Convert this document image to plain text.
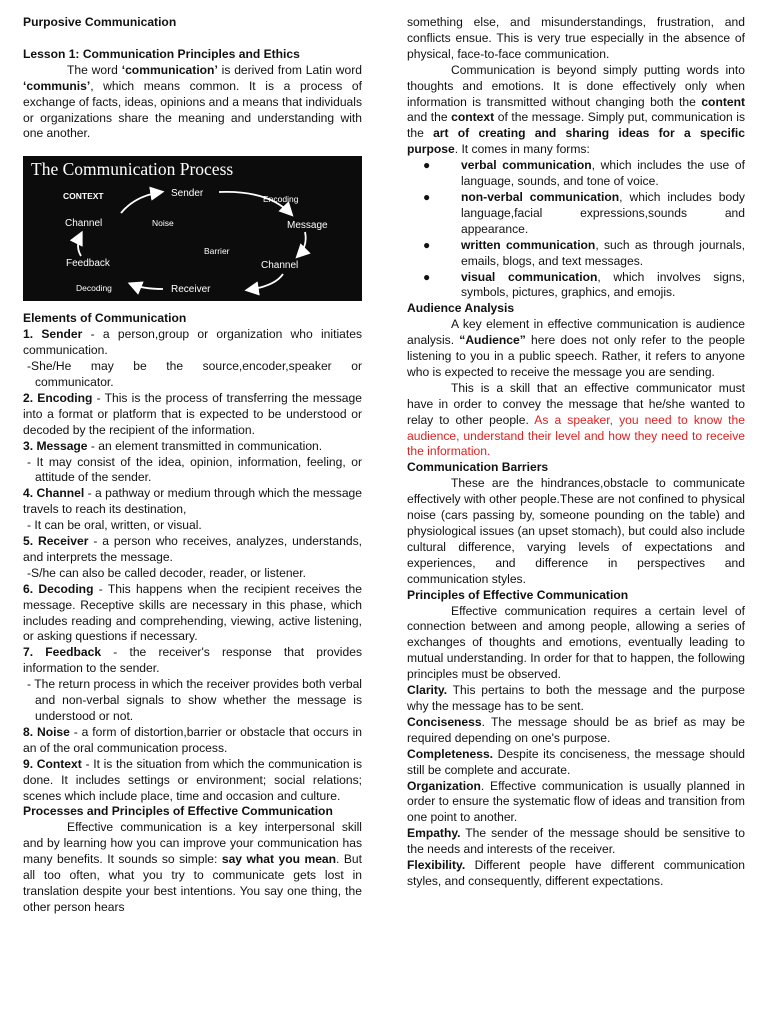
Purposive Communication

Lesson 1: Communication Principles and Ethics

The word ‘communication’ is derived from Latin word ‘communis’, which means common. It is a process of exchange of facts, ideas, opinions and a means that individuals or organizations share the meaning and understanding with one another.

The Communication Process
CONTEXT	Sender	Encoding
Channel	Noise	Message
Barrier
Feedback	Channel
Decoding	Receiver

Elements of Communication

1. Sender - a person,group or organization who initiates communication.

-She/He may be the source,encoder,speaker or communicator.

2. Encoding - This is the process of transferring the message into a format or platform that is expected to be understood or decoded by the recipient of the information.

3. Message - an element transmitted in communication.

- It may consist of the idea, opinion, information, feeling, or attitude of the sender.

4. Channel - a pathway or medium through which the message travels to reach its destination,

- It can be oral, written, or visual.

5. Receiver - a person who receives, analyzes, understands, and interprets the message.

-S/he can also be called decoder, reader, or listener.

6. Decoding - This happens when the recipient receives the message. Receptive skills are necessary in this phase, which includes reading and comprehending, viewing, active listening, or asking questions if necessary.

7. Feedback - the receiver's response that provides information to the sender.

- The return process in which the receiver provides both verbal and non-verbal signals to show whether the message is understood or not.

8. Noise - a form of distortion,barrier or obstacle that occurs in an of the oral communication process.

9. Context - It is the situation from which the communication is done. It includes settings or environment; social relations; scenes which include place, time and occasion and culture.

Processes and Principles of Effective Communication

Effective communication is a key interpersonal skill and by learning how you can improve your communication has many benefits. It sounds so simple: say what you mean. But all too often, what you try to communicate gets lost in translation despite your best intentions. You say one thing, the other person hears

something else, and misunderstandings, frustration, and conflicts ensue. This is very true especially in the absence of physical, face-to-face communication.

Communication is beyond simply putting words into thoughts and emotions. It is done effectively only when information is transmitted without changing both the content and the context of the message. Simply put, communication is the art of creating and sharing ideas for a specific purpose. It comes in many forms:

●	verbal communication, which includes the use of language, sounds, and tone of voice.
●	non-verbal communication, which includes body language,facial expressions,sounds and appearance.
●	written communication, such as through journals, emails, blogs, and text messages.
●	visual communication, which involves signs, symbols, pictures, graphics, and emojis.

Audience Analysis

A key element in effective communication is audience analysis. “Audience” here does not only refer to the people listening to you in a public speech. Rather, it refers to anyone who is expected to receive the message you are sending.

This is a skill that an effective communicator must have in order to convey the message that he/she wanted to relay to other people. As a speaker, you need to know the audience, understand their level and how they need to receive the information.

Communication Barriers

These are the hindrances,obstacle to communicate effectively with other people.These are not confined to physical noise (cars passing by, someone pounding on the table) and physiological issues (an upset stomach), but could also include cultural difference, varying levels of expectations and experiences, and difference in perspectives and communication styles.

Principles of Effective Communication

Effective communication requires a certain level of connection between and among people, allowing a series of exchanges of thoughts and emotions, eventually leading to mutual understanding. In order for that to happen, the following principles must be observed.

Clarity. This pertains to both the message and the purpose why the message has to be sent.

Conciseness. The message should be as brief as may be required depending on one's purpose.

Completeness. Despite its conciseness, the message should still be complete and accurate.

Organization. Effective communication is usually planned in order to ensure the systematic flow of ideas and transition from one point to another.

Empathy. The sender of the message should be sensitive to the needs and interests of the receiver.

Flexibility. Different people have different communication styles, and consequently, different expectations.
